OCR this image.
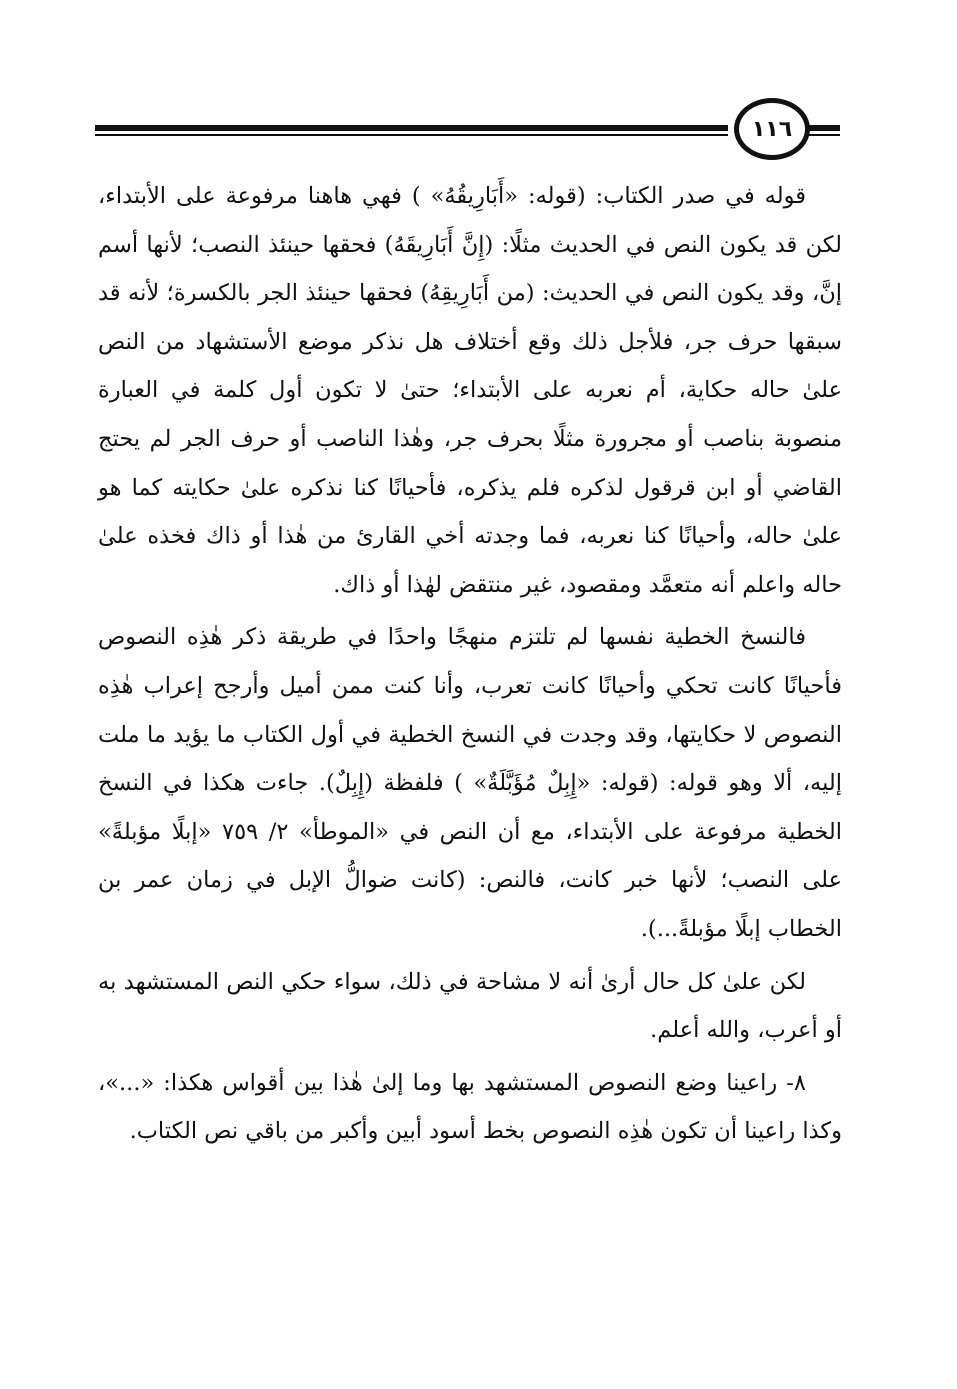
١١٦

قوله في صدر الكتاب: (قوله: «أَبَارِيقُهُ» ) فهي هاهنا مرفوعة على الأبتداء، لكن قد يكون النص في الحديث مثلًا: (إِنَّ أَبَارِيقَهُ) فحقها حينئذ النصب؛ لأنها أسم إنَّ، وقد يكون النص في الحديث: (من أَبَارِيقِهُ) فحقها حينئذ الجر بالكسرة؛ لأنه قد سبقها حرف جر، فلأجل ذلك وقع أختلاف هل نذكر موضع الأستشهاد من النص علىٰ حاله حكاية، أم نعربه على الأبتداء؛ حتىٰ لا تكون أول كلمة في العبارة منصوبة بناصب أو مجرورة مثلًا بحرف جر، وهٰذا الناصب أو حرف الجر لم يحتج القاضي أو ابن قرقول لذكره فلم يذكره، فأحيانًا كنا نذكره علىٰ حكايته كما هو علىٰ حاله، وأحيانًا كنا نعربه، فما وجدته أخي القارئ من هٰذا أو ذاك فخذه علىٰ حاله واعلم أنه متعمَّد ومقصود، غير منتقض لهٰذا أو ذاك.

فالنسخ الخطية نفسها لم تلتزم منهجًا واحدًا في طريقة ذكر هٰذِه النصوص فأحيانًا كانت تحكي وأحيانًا كانت تعرب، وأنا كنت ممن أميل وأرجح إعراب هٰذِه النصوص لا حكايتها، وقد وجدت في النسخ الخطية في أول الكتاب ما يؤيد ما ملت إليه، ألا وهو قوله: (قوله: «إِبِلٌ مُؤَبَّلَةٌ» ) فلفظة (إِبِلٌ). جاءت هكذا في النسخ الخطية مرفوعة على الأبتداء، مع أن النص في «الموطأ» ٢/ ٧٥٩ «إبلًا مؤبلةً» على النصب؛ لأنها خبر كانت، فالنص: (كانت ضوالُّ الإبل في زمان عمر بن الخطاب إبلًا مؤبلةً...).

لكن علىٰ كل حال أرىٰ أنه لا مشاحة في ذلك، سواء حكي النص المستشهد به أو أعرب، والله أعلم.

٨- راعينا وضع النصوص المستشهد بها وما إلىٰ هٰذا بين أقواس هكذا: «...»، وكذا راعينا أن تكون هٰذِه النصوص بخط أسود أبين وأكبر من باقي نص الكتاب.
